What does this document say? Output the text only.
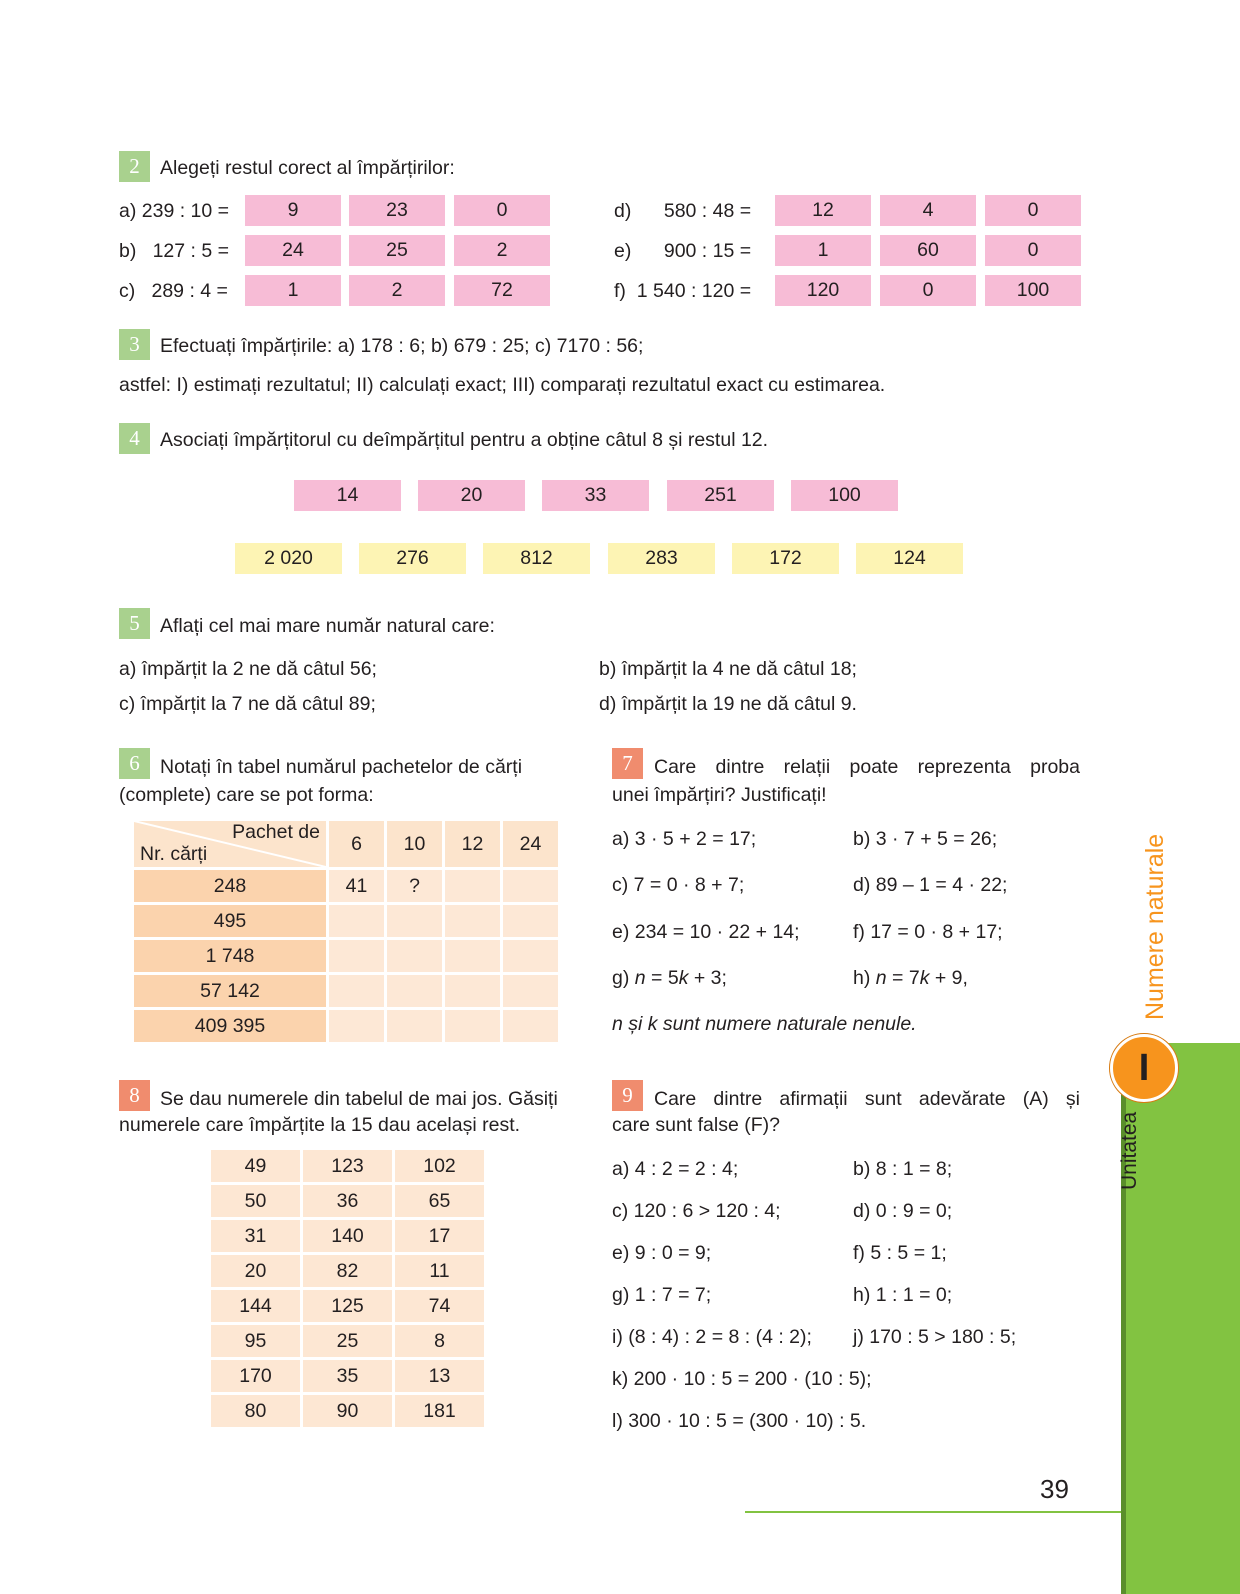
2	Alegeți restul corect al împărțirilor:
a) 239 : 10 =	9	23	0
b)   127 : 5 =	24	25	2
c)   289 : 4 =	1	2	72
d)      580 : 48 =	12	4	0
e)      900 : 15 =	1	60	0
f)  1 540 : 120 =	120	0	100
3	Efectuați împărțirile: a) 178 : 6; b) 679 : 25; c) 7170 : 56;
astfel: I) estimați rezultatul; II) calculați exact; III) comparați rezultatul exact cu estimarea.
4	Asociați împărțitorul cu deîmpărțitul pentru a obține câtul 8 și restul 12.
14	20	33	251	100
2 020	276	812	283	172	124
5	Aflați cel mai mare număr natural care:
a) împărțit la 2 ne dă câtul 56;	b) împărțit la 4 ne dă câtul 18;
c) împărțit la 7 ne dă câtul 89;	d) împărțit la 19 ne dă câtul 9.
6	Notați în tabel numărul pachetelor de cărți
(complete) care se pot forma:
Pachet de
Nr. cărți	6	10	12	24
248	41	?		
495				
1 748				
57 142				
409 395				
7	Care dintre relații poate reprezenta proba
unei împărțiri? Justificați!
a) 3 · 5 + 2 = 17;	b) 3 · 7 + 5 = 26;
c) 7 = 0 · 8 + 7;	d) 89 – 1 = 4 · 22;
e) 234 = 10 · 22 + 14;	f) 17 = 0 · 8 + 17;
g) n = 5k + 3;	h) n = 7k + 9,
n și k sunt numere naturale nenule.
8	Se dau numerele din tabelul de mai jos. Găsiți
numerele care împărțite la 15 dau același rest.
49	123	102
50	36	65
31	140	17
20	82	11
144	125	74
95	25	8
170	35	13
80	90	181
9	Care dintre afirmații sunt adevărate (A) și
care sunt false (F)?
a) 4 : 2 = 2 : 4;	b) 8 : 1 = 8;
c) 120 : 6 > 120 : 4;	d) 0 : 9 = 0;
e) 9 : 0 = 9;	f) 5 : 5 = 1;
g) 1 : 7 = 7;	h) 1 : 1 = 0;
i) (8 : 4) : 2 = 8 : (4 : 2); j) 170 : 5 > 180 : 5;
k) 200 · 10 : 5 = 200 · (10 : 5);
l) 300 · 10 : 5 = (300 · 10) : 5.
Unitatea
Numere naturale
I
39
